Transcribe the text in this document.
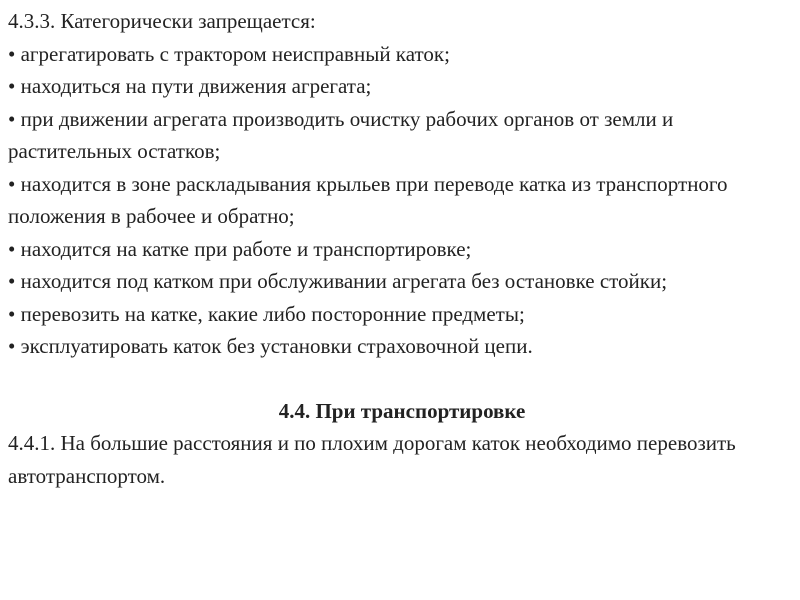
4.3.3. Категорически запрещается:

• агрегатировать с трактором неисправный каток;

• находиться на пути движения агрегата;

• при движении агрегата производить очистку рабочих органов от земли и растительных остатков;

• находится в зоне раскладывания крыльев при переводе катка из транспортного положения в рабочее и обратно;

• находится на катке при работе и транспортировке;

• находится под катком при обслуживании агрегата без остановке стойки;

• перевозить на катке, какие либо посторонние предметы;

• эксплуатировать каток без установки страховочной цепи.

4.4. При транспортировке

4.4.1. На большие расстояния и по плохим дорогам каток необходимо перевозить автотранспортом.
